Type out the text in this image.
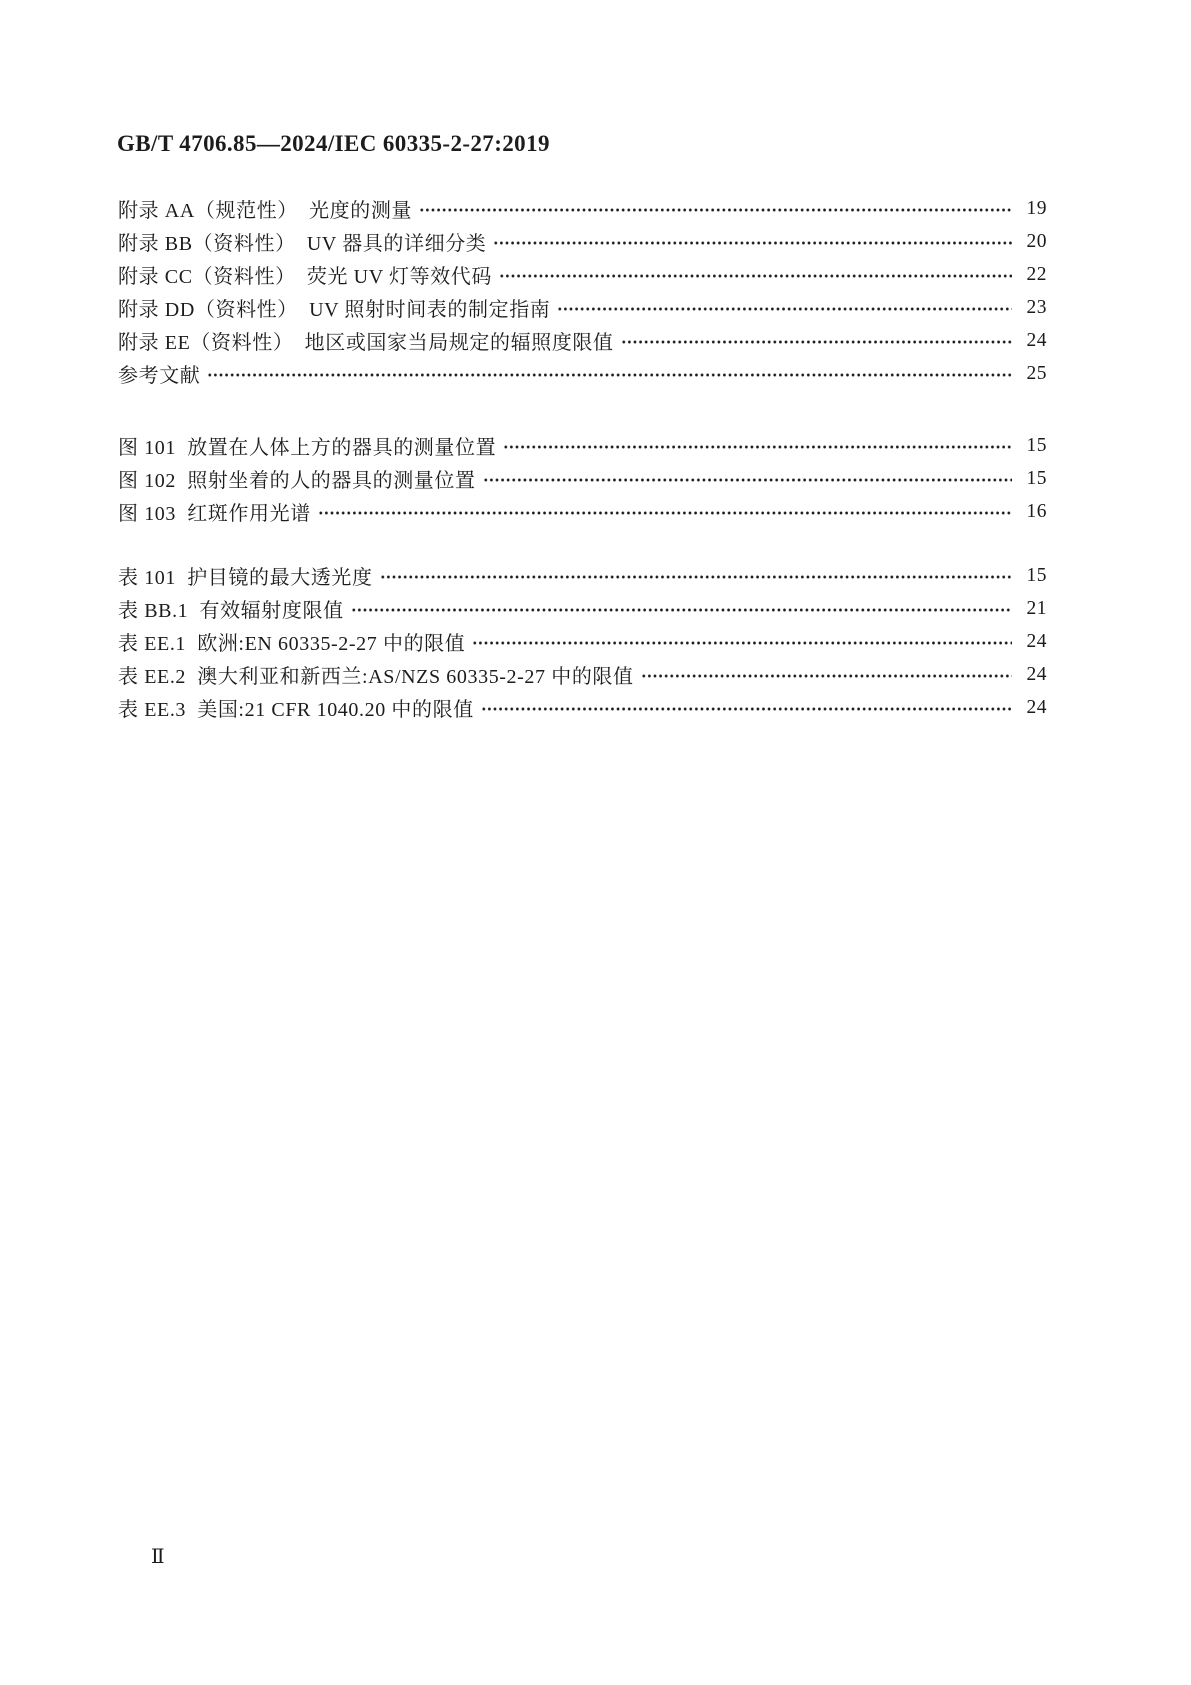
GB/T 4706.85—2024/IEC 60335-2-27:2019
附录 AA（规范性）  光度的测量	19
附录 BB（资料性）  UV 器具的详细分类	20
附录 CC（资料性）  荧光 UV 灯等效代码	22
附录 DD（资料性）  UV 照射时间表的制定指南	23
附录 EE（资料性）  地区或国家当局规定的辐照度限值	24
参考文献	25
图 101  放置在人体上方的器具的测量位置	15
图 102  照射坐着的人的器具的测量位置	15
图 103  红斑作用光谱	16
表 101  护目镜的最大透光度	15
表 BB.1  有效辐射度限值	21
表 EE.1  欧洲:EN 60335-2-27 中的限值	24
表 EE.2  澳大利亚和新西兰:AS/NZS 60335-2-27 中的限值	24
表 EE.3  美国:21 CFR 1040.20 中的限值	24
Ⅱ
